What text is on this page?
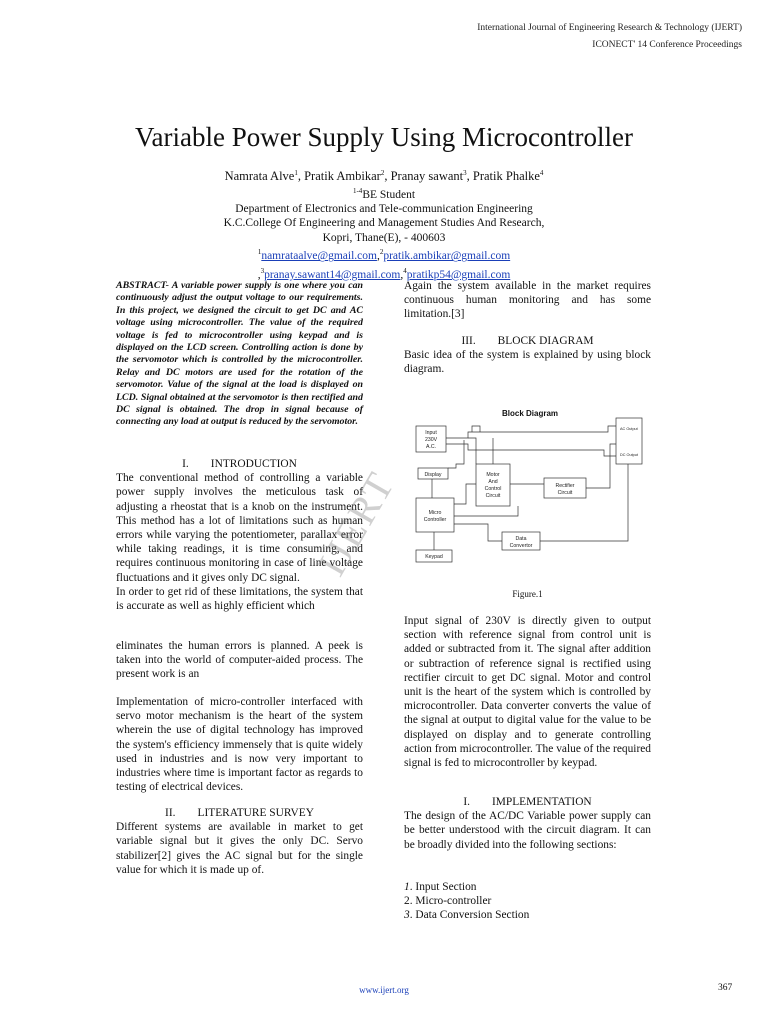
International Journal of Engineering Research & Technology (IJERT)
ICONECT' 14 Conference Proceedings
Variable Power Supply Using Microcontroller
Namrata Alve$^1$, Pratik Ambikar$^2$, Pranay sawant$^3$, Pratik Phalke$^4$
$^{1-4}$BE Student
Department of Electronics and Tele-communication Engineering
K.C.College Of Engineering and Management Studies And Research,
Kopri, Thane(E), - 400603
$^1$namrataalve@gmail.com,$^2$pratik.ambikar@gmail.com
,$^3$pranay.sawant14@gmail.com,$^4$pratikp54@gmail.com
ABSTRACT- A variable power supply is one where you can continuously adjust the output voltage to our requirements. In this project, we designed the circuit to get DC and AC voltage using microcontroller. The value of the required voltage is fed to microcontroller using keypad and is displayed on the LCD screen. Controlling action is done by the servomotor which is controlled by the microcontroller. Relay and DC motors are used for the rotation of the servomotor. Value of the signal at the load is displayed on LCD. Signal obtained at the servomotor is then rectified and DC signal is obtained. The drop in signal because of connecting any load at output is reduced by the servomotor.
I. INTRODUCTION

The conventional method of controlling a variable power supply involves the meticulous task of adjusting a rheostat that is a knob on the instrument. This method has a lot of limitations such as human errors while varying the potentiometer, parallax error while taking readings, it is time consuming, and requires continuous monitoring in case of line voltage fluctuations and it gives only DC signal.

In order to get rid of these limitations, the system that is accurate as well as highly efficient which

eliminates the human errors is planned. A peek is taken into the world of computer-aided process. The present work is an
Implementation of micro-controller interfaced with servo motor mechanism is the heart of the system wherein the use of digital technology has improved the system's efficiency immensely that is quite widely used in industries and is now very important to industries where time is important factor as regards to testing of electrical devices.
II. LITERATURE SURVEY

Different systems are available in market to get variable signal but it gives the only DC. Servo stabilizer[2] gives the AC signal but for the single value for which it is made up of.

Again the system available in the market requires continuous human monitoring and has some limitation.[3]
III. BLOCK DIAGRAM

Basic idea of the system is explained by using block diagram.

Block Diagram
Input
230V
A.C.
Display	Motor
And
Control
Circuit
Rectifier
Circuit
Micro
Controller
Data
Convertor
Keypad
AC Output
DC Output
Figure.1
Input signal of 230V is directly given to output section with reference signal from control unit is added or subtracted from it. The signal after addition or subtraction of reference signal is rectified using rectifier circuit to get DC signal. Motor and control unit is the heart of the system which is controlled by microcontroller. Data converter converts the value of the signal at output to digital value for the value to be displayed on display and to generate controlling action from microcontroller. The value of the required signal is fed to microcontroller by keypad.
I. IMPLEMENTATION

The design of the AC/DC Variable power supply can be better understood with the circuit diagram. It can be broadly divided into the following sections:

1. Input Section
2. Micro-controller
3. Data Conversion Section
IJERT
www.ijert.org	367
